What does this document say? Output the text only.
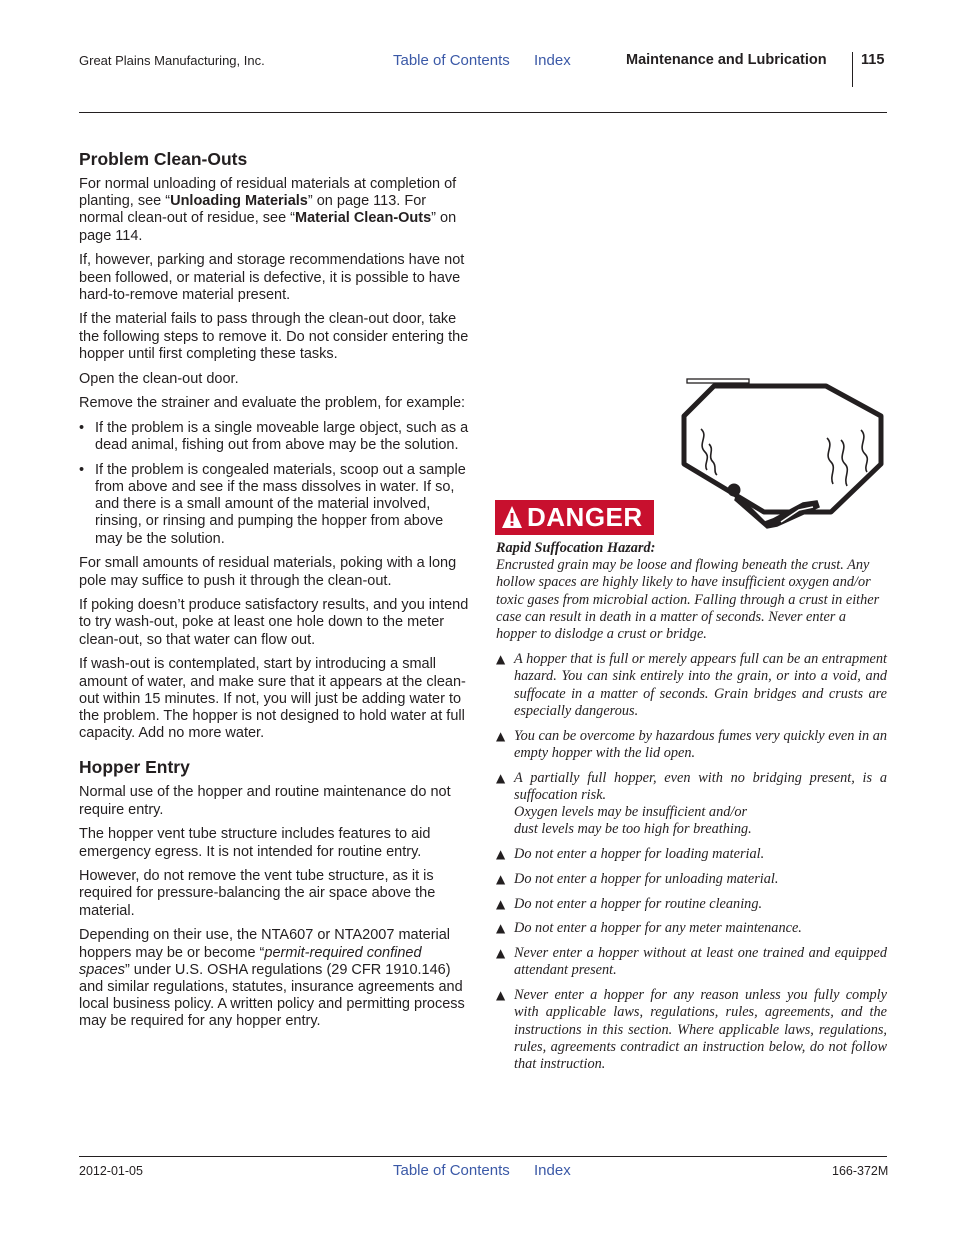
Great Plains Manufacturing, Inc.	Table of Contents Index	Maintenance and Lubrication 115
Problem Clean-Outs

For normal unloading of residual materials at completion of planting, see “Unloading Materials” on page 113. For normal clean-out of residue, see “Material Clean-Outs” on page 114.

If, however, parking and storage recommendations have not been followed, or material is defective, it is possible to have hard-to-remove material present.

If the material fails to pass through the clean-out door, take the following steps to remove it. Do not consider entering the hopper until first completing these tasks.

Open the clean-out door.

Remove the strainer and evaluate the problem, for example:

• If the problem is a single moveable large object, such as a dead animal, fishing out from above may be the solution.
• If the problem is congealed materials, scoop out a sample from above and see if the mass dissolves in water. If so, and there is a small amount of the material involved, rinsing, or rinsing and pumping the hopper from above may be the solution.

For small amounts of residual materials, poking with a long pole may suffice to push it through the clean-out.

If poking doesn’t produce satisfactory results, and you intend to try wash-out, poke at least one hole down to the meter clean-out, so that water can flow out.

If wash-out is contemplated, start by introducing a small amount of water, and make sure that it appears at the clean-out within 15 minutes. If not, you will just be adding water to the problem. The hopper is not designed to hold water at full capacity. Add no more water.

Hopper Entry

Normal use of the hopper and routine maintenance do not require entry.

The hopper vent tube structure includes features to aid emergency egress. It is not intended for routine entry.

However, do not remove the vent tube structure, as it is required for pressure-balancing the air space above the material.

Depending on their use, the NTA607 or NTA2007 material hoppers may be or become “permit-required confined spaces” under U.S. OSHA regulations (29 CFR 1910.146) and similar regulations, statutes, insurance agreements and local business policy. A written policy and permitting process may be required for any hopper entry.

DANGER

Rapid Suffocation Hazard:

Encrusted grain may be loose and flowing beneath the crust. Any hollow spaces are highly likely to have insufficient oxygen and/or toxic gases from microbial action. Falling through a crust in either case can result in death in a matter of seconds. Never enter a hopper to dislodge a crust or bridge.

▲ A hopper that is full or merely appears full can be an entrapment hazard. You can sink entirely into the grain, or into a void, and suffocate in a matter of seconds. Grain bridges and crusts are especially dangerous.
▲ You can be overcome by hazardous fumes very quickly even in an empty hopper with the lid open.
▲ A partially full hopper, even with no bridging present, is a suffocation risk.
Oxygen levels may be insufficient and/or
dust levels may be too high for breathing.
▲ Do not enter a hopper for loading material.
▲ Do not enter a hopper for unloading material.
▲ Do not enter a hopper for routine cleaning.
▲ Do not enter a hopper for any meter maintenance.
▲ Never enter a hopper without at least one trained and equipped attendant present.
▲ Never enter a hopper for any reason unless you fully comply with applicable laws, regulations, rules, agreements, and the instructions in this section. Where applicable laws, regulations, rules, agreements contradict an instruction below, do not follow that instruction.
2012-01-05	Table of Contents Index	166-372M
